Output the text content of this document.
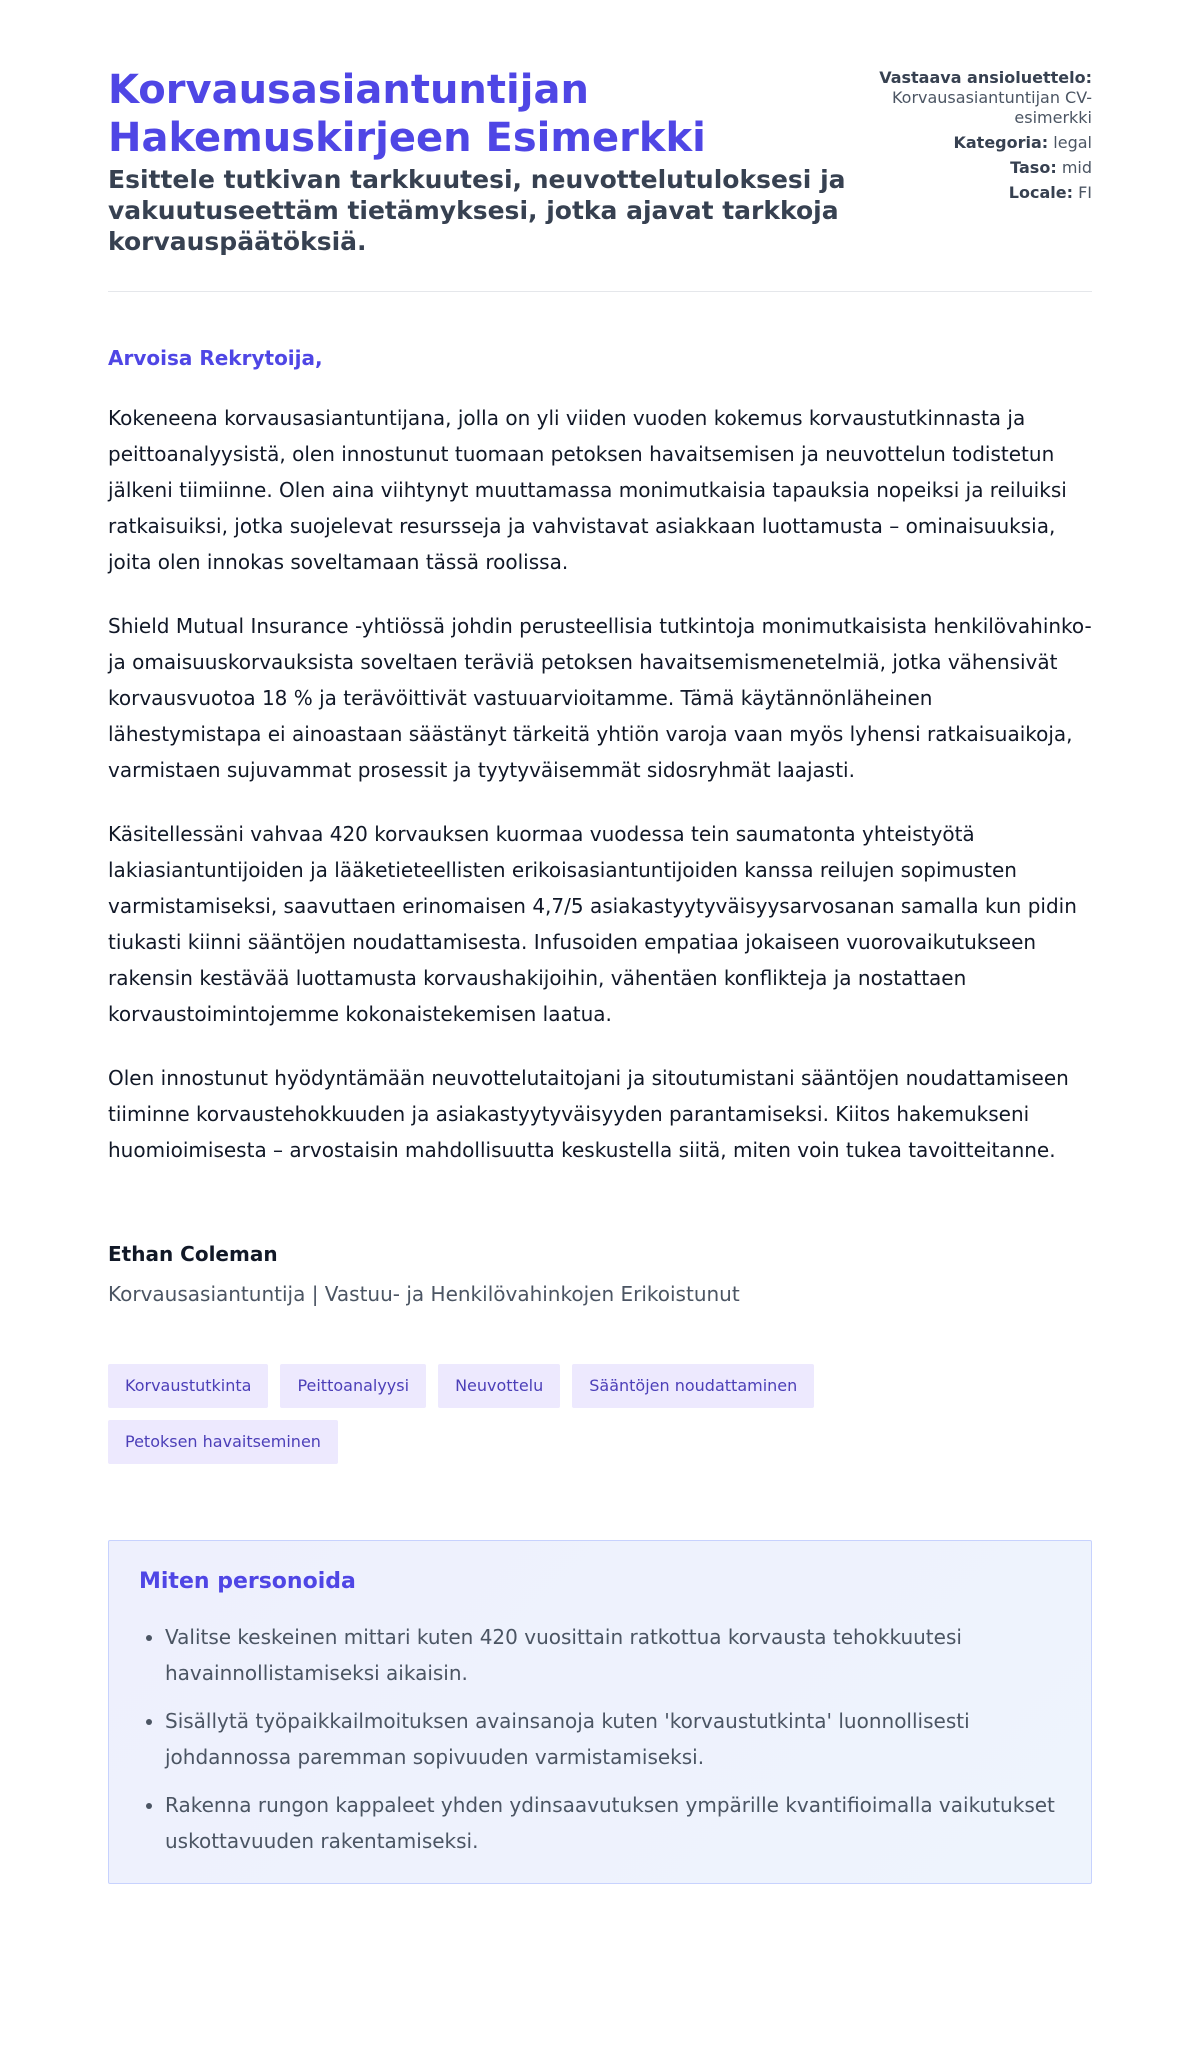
Korvausasiantuntijan Hakemuskirjeen Esimerkki

Esittele tutkivan tarkkuutesi, neuvottelutuloksesi ja vakuutuseettäm tietämyksesi, jotka ajavat tarkkoja korvauspäätöksiä.

Vastaava ansioluettelo:
Korvausasiantuntijan CV-esimerkki
Kategoria: legal
Taso: mid
Locale: FI

Arvoisa Rekrytoija,

Kokeneena korvausasiantuntijana, jolla on yli viiden vuoden kokemus korvaustutkinnasta ja peittoanalyysistä, olen innostunut tuomaan petoksen havaitsemisen ja neuvottelun todistetun jälkeni tiimiinne. Olen aina viihtynyt muuttamassa monimutkaisia tapauksia nopeiksi ja reiluiksi ratkaisuiksi, jotka suojelevat resursseja ja vahvistavat asiakkaan luottamusta – ominaisuuksia, joita olen innokas soveltamaan tässä roolissa.

Shield Mutual Insurance -yhtiössä johdin perusteellisia tutkintoja monimutkaisista henkilövahinko- ja omaisuuskorvauksista soveltaen teräviä petoksen havaitsemismenetelmiä, jotka vähensivät korvausvuotoa 18 % ja terävöittivät vastuuarvioitamme. Tämä käytännönläheinen lähestymistapa ei ainoastaan säästänyt tärkeitä yhtiön varoja vaan myös lyhensi ratkaisuaikoja, varmistaen sujuvammat prosessit ja tyytyväisemmät sidosryhmät laajasti.

Käsitellessäni vahvaa 420 korvauksen kuormaa vuodessa tein saumatonta yhteistyötä lakiasiantuntijoiden ja lääketieteellisten erikoisasiantuntijoiden kanssa reilujen sopimusten varmistamiseksi, saavuttaen erinomaisen 4,7/5 asiakastyytyväisyysarvosanan samalla kun pidin tiukasti kiinni sääntöjen noudattamisesta. Infusoiden empatiaa jokaiseen vuorovaikutukseen rakensin kestävää luottamusta korvaushakijoihin, vähentäen konflikteja ja nostattaen korvaustoimintojemme kokonaistekemisen laatua.

Olen innostunut hyödyntämään neuvottelutaitojani ja sitoutumistani sääntöjen noudattamiseen tiiminne korvaustehokkuuden ja asiakastyytyväisyyden parantamiseksi. Kiitos hakemukseni huomioimisesta – arvostaisin mahdollisuutta keskustella siitä, miten voin tukea tavoitteitanne.

Ethan Coleman

Korvausasiantuntija | Vastuu- ja Henkilövahinkojen Erikoistunut

Korvaustutkinta	Peittoanalyysi	Neuvottelu	Sääntöjen noudattaminen
Petoksen havaitseminen
Miten personoida
• Valitse keskeinen mittari kuten 420 vuosittain ratkottua korvausta tehokkuutesi havainnollistamiseksi aikaisin.
• Sisällytä työpaikkailmoituksen avainsanoja kuten 'korvaustutkinta' luonnollisesti johdannossa paremman sopivuuden varmistamiseksi.
• Rakenna rungon kappaleet yhden ydinsaavutuksen ympärille kvantifioimalla vaikutukset uskottavuuden rakentamiseksi.
